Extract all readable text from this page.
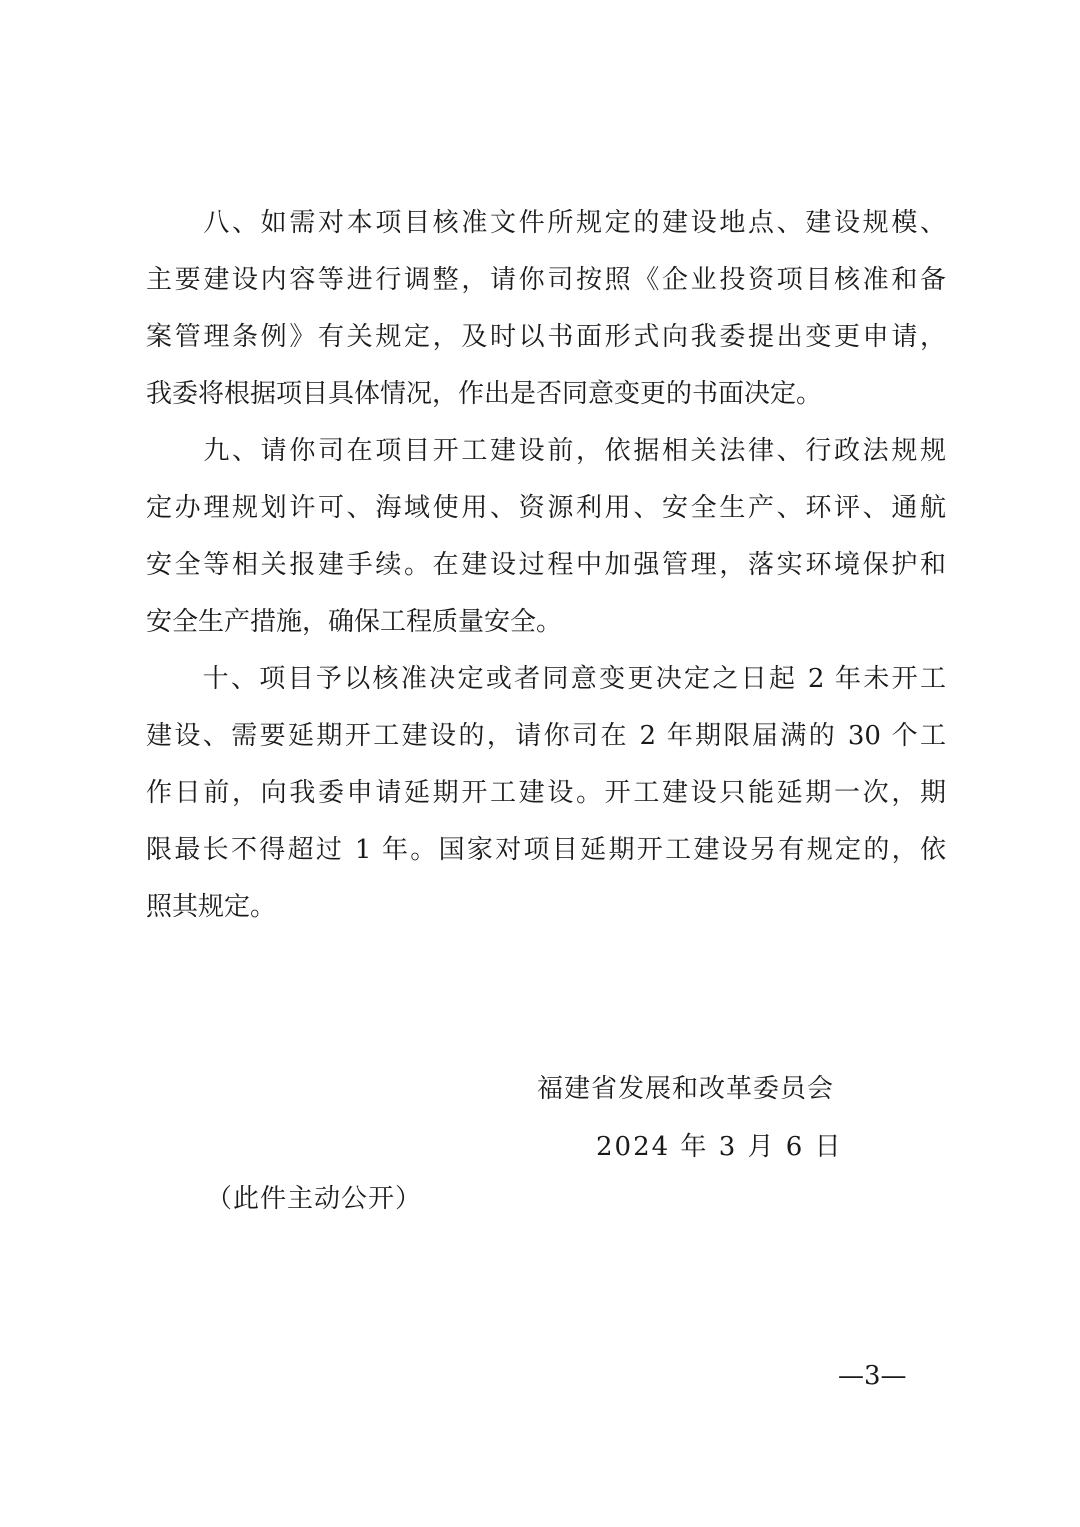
　　八、如需对本项目核准文件所规定的建设地点、建设规模、
主要建设内容等进行调整，请你司按照《企业投资项目核准和备
案管理条例》有关规定，及时以书面形式向我委提出变更申请，
我委将根据项目具体情况，作出是否同意变更的书面决定。
　　九、请你司在项目开工建设前，依据相关法律、行政法规规
定办理规划许可、海域使用、资源利用、安全生产、环评、通航
安全等相关报建手续。在建设过程中加强管理，落实环境保护和
安全生产措施，确保工程质量安全。
　　十、项目予以核准决定或者同意变更决定之日起 2 年未开工
建设、需要延期开工建设的，请你司在 2 年期限届满的 30 个工
作日前，向我委申请延期开工建设。开工建设只能延期一次，期
限最长不得超过 1 年。国家对项目延期开工建设另有规定的，依
照其规定。
福建省发展和改革委员会
2024 年 3 月 6 日
（此件主动公开）
—3—
